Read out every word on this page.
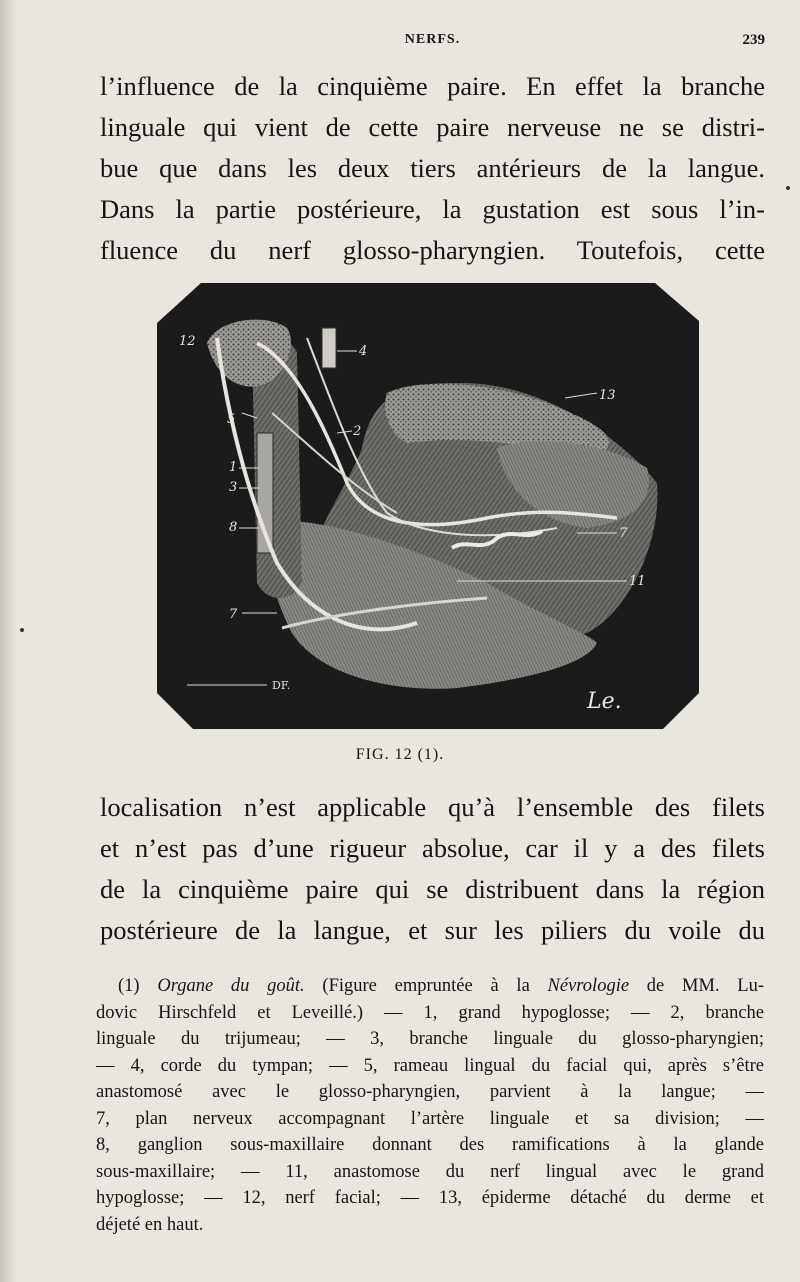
NERFS.	239
l’influence de la cinquième paire. En effet la branche
linguale qui vient de cette paire nerveuse ne se distri-
bue que dans les deux tiers antérieurs de la langue.
Dans la partie postérieure, la gustation est sous l’in-
fluence du nerf glosso-pharyngien. Toutefois, cette
12
4
5
2
1
3
8
7
13
7
11
DF.
Le.
FIG. 12 (1).
localisation n’est applicable qu’à l’ensemble des filets
et n’est pas d’une rigueur absolue, car il y a des filets
de la cinquième paire qui se distribuent dans la région
postérieure de la langue, et sur les piliers du voile du
(1) Organe du goût. (Figure empruntée à la Névrologie de MM. Lu-
dovic Hirschfeld et Leveillé.) — 1, grand hypoglosse; — 2, branche
linguale du trijumeau; — 3, branche linguale du glosso-pharyngien;
— 4, corde du tympan; — 5, rameau lingual du facial qui, après s’être
anastomosé avec le glosso-pharyngien, parvient à la langue; —
7, plan nerveux accompagnant l’artère linguale et sa division; —
8, ganglion sous-maxillaire donnant des ramifications à la glande
sous-maxillaire; — 11, anastomose du nerf lingual avec le grand
hypoglosse; — 12, nerf facial; — 13, épiderme détaché du derme et
déjeté en haut.
